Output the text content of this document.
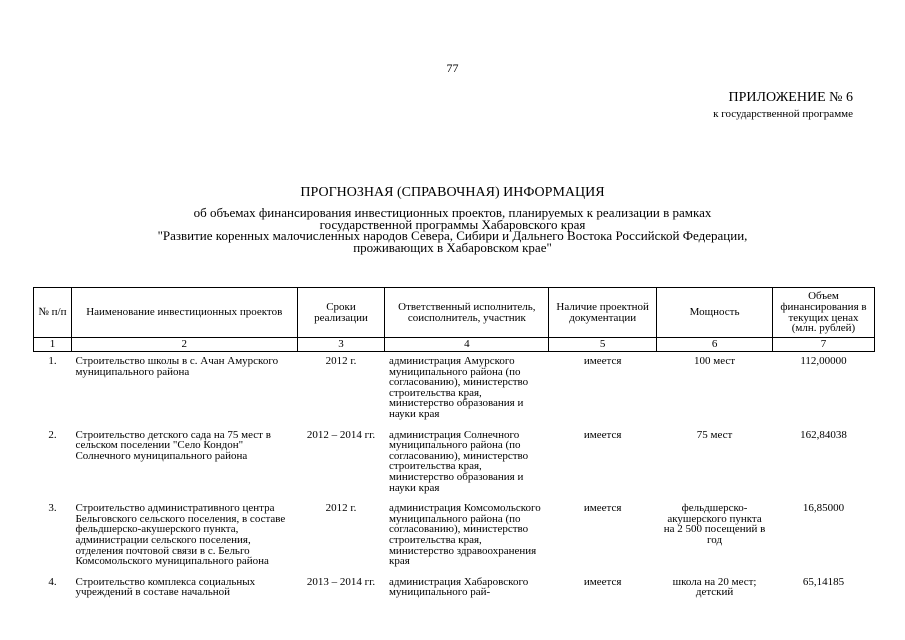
77
ПРИЛОЖЕНИЕ № 6
к государственной программе
ПРОГНОЗНАЯ (СПРАВОЧНАЯ) ИНФОРМАЦИЯ
об объемах финансирования инвестиционных проектов, планируемых к реализации в рамках
государственной программы Хабаровского края
"Развитие коренных малочисленных народов Севера, Сибири и Дальнего Востока Российской Федерации,
проживающих в Хабаровском крае"
№ п/п	Наименование инвестиционных проектов	Сроки реализации	Ответственный исполнитель, соисполнитель, участник	Наличие проектной документации	Мощность	Объем финансирования в текущих ценах (млн. рублей)
1	2	3	4	5	6	7
1.	Строительство школы в с. Ачан Амурского муниципального района	2012 г.	администрация Амурского муниципального района (по согласованию), министерство строительства края, министерство образования и науки края	имеется	100 мест	112,00000
2.	Строительство детского сада на 75 мест в сельском поселении "Село Кондон" Солнечного муниципального района	2012 – 2014 гг.	администрация Солнечного муниципального района (по согласованию), министерство строительства края, министерство образования и науки края	имеется	75 мест	162,84038
3.	Строительство административного центра Бельговского сельского поселения, в составе фельдшерско-акушерского пункта, администрации сельского поселения, отделения почтовой связи в с. Бельго Комсомольского муниципального района	2012 г.	администрация Комсомольского муниципального района (по согласованию), министерство строительства края, министерство здравоохранения края	имеется	фельдшерско-акушерского пункта на 2 500 посещений в год	16,85000
4.	Строительство комплекса социальных учреждений в составе начальной	2013 – 2014 гг.	администрация Хабаровского муниципального рай-	имеется	школа на 20 мест; детский	65,14185
